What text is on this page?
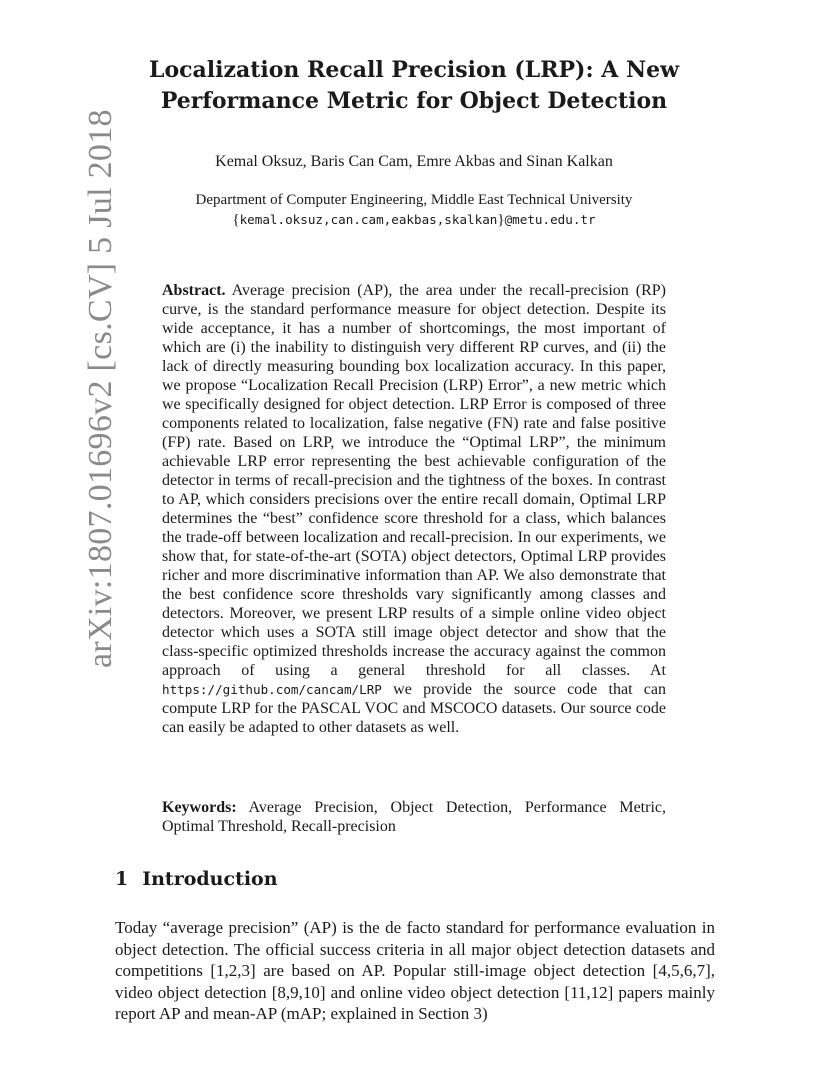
arXiv:1807.01696v2 [cs.CV] 5 Jul 2018
Localization Recall Precision (LRP): A New
Performance Metric for Object Detection
Kemal Oksuz, Baris Can Cam, Emre Akbas and Sinan Kalkan
Department of Computer Engineering, Middle East Technical University
{kemal.oksuz,can.cam,eakbas,skalkan}@metu.edu.tr

Abstract. Average precision (AP), the area under the recall-precision (RP) curve, is the standard performance measure for object detection. Despite its wide acceptance, it has a number of shortcomings, the most important of which are (i) the inability to distinguish very different RP curves, and (ii) the lack of directly measuring bounding box localization accuracy. In this paper, we propose “Localization Recall Precision (LRP) Error”, a new metric which we specifically designed for object detection. LRP Error is composed of three components related to localization, false negative (FN) rate and false positive (FP) rate. Based on LRP, we introduce the “Optimal LRP”, the minimum achievable LRP error representing the best achievable configuration of the detector in terms of recall-precision and the tightness of the boxes. In contrast to AP, which considers precisions over the entire recall domain, Optimal LRP determines the “best” confidence score threshold for a class, which balances the trade-off between localization and recall-precision. In our experiments, we show that, for state-of-the-art (SOTA) object detectors, Optimal LRP provides richer and more discriminative information than AP. We also demonstrate that the best confidence score thresholds vary significantly among classes and detectors. Moreover, we present LRP results of a simple online video object detector which uses a SOTA still image object detector and show that the class-specific optimized thresholds increase the accuracy against the common approach of using a general threshold for all classes. At https://github.com/cancam/LRP we provide the source code that can compute LRP for the PASCAL VOC and MSCOCO datasets. Our source code can easily be adapted to other datasets as well.

Keywords: Average Precision, Object Detection, Performance Metric, Optimal Threshold, Recall-precision

1 Introduction

Today “average precision” (AP) is the de facto standard for performance evaluation in object detection. The official success criteria in all major object detection datasets and competitions [1,2,3] are based on AP. Popular still-image object detection [4,5,6,7], video object detection [8,9,10] and online video object detection [11,12] papers mainly report AP and mean-AP (mAP; explained in Section 3)
